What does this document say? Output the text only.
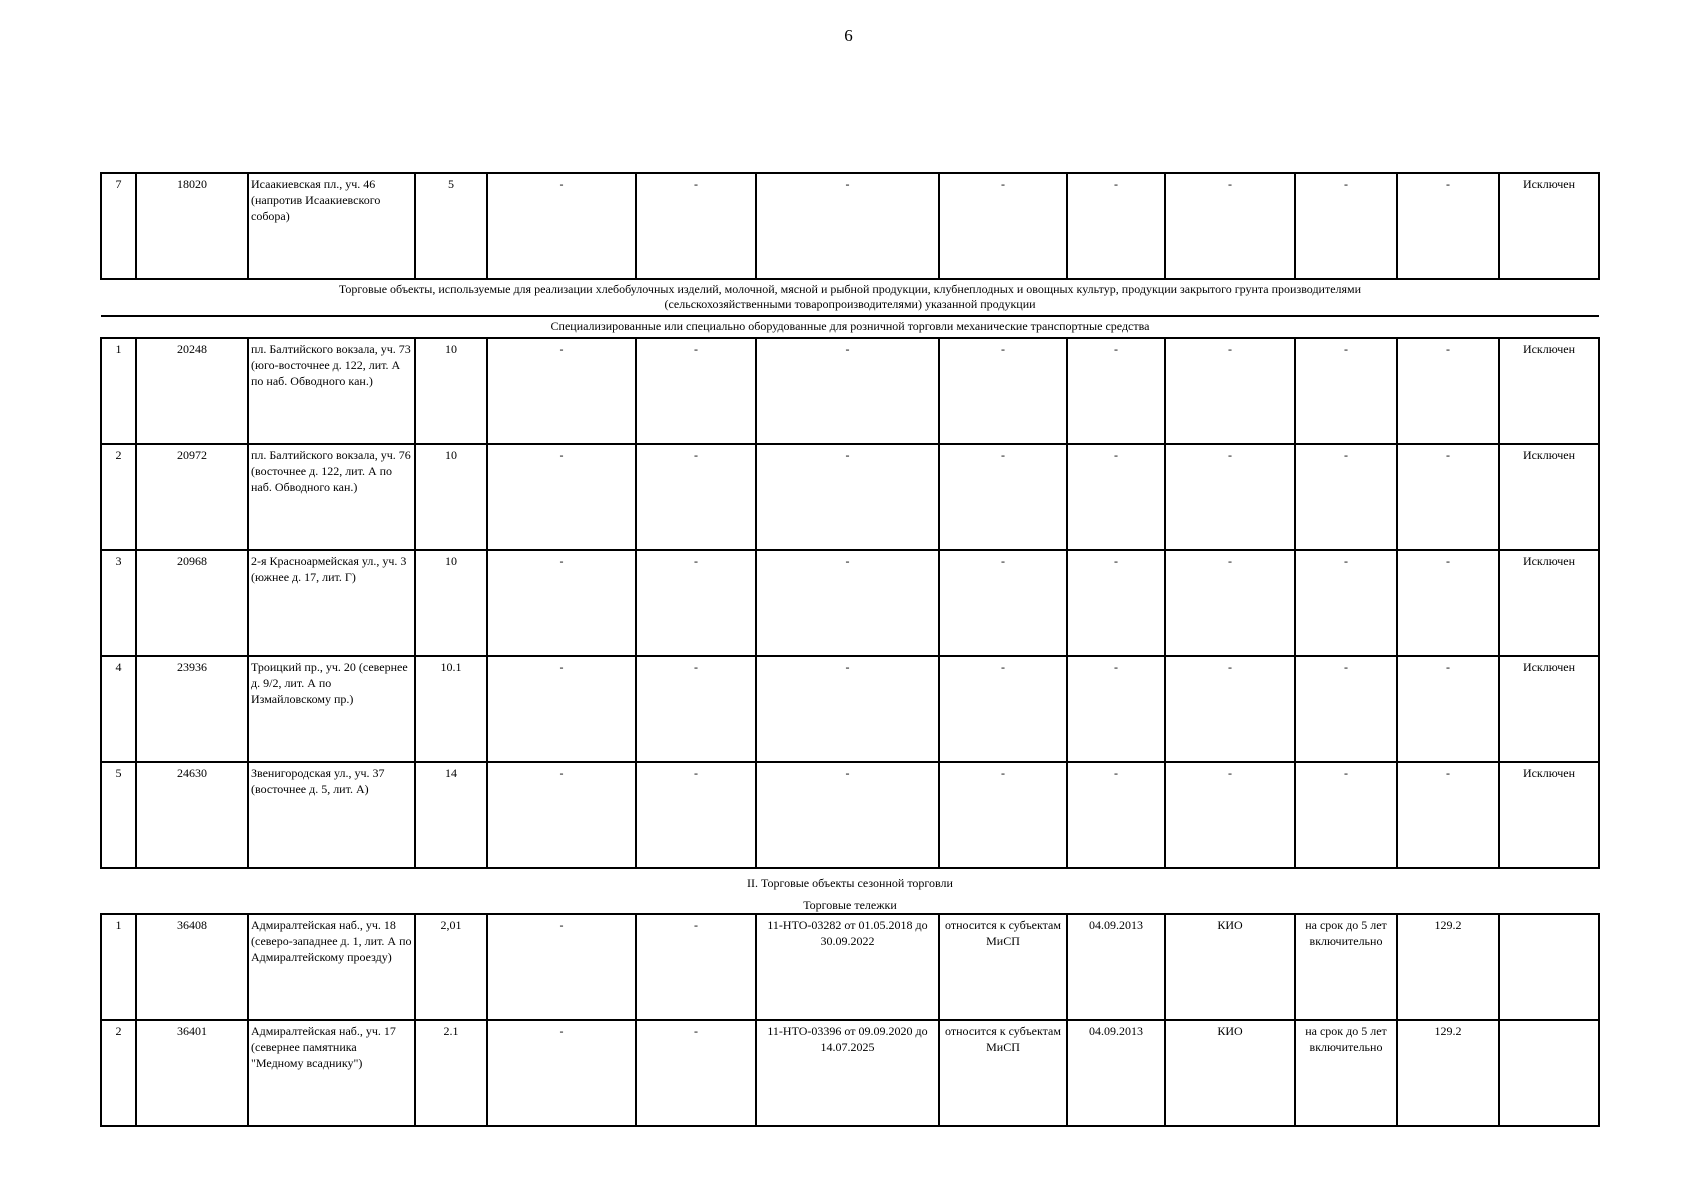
6
7	18020	Исаакиевская пл., уч. 46 (напротив Исаакиевского собора)	5	-	-	-	-	-	-	-	-	Исключен

Торговые объекты, используемые для реализации хлебобулочных изделий, молочной, мясной и рыбной продукции, клубнеплодных и овощных культур, продукции закрытого грунта производителями (сельскохозяйственными товаропроизводителями) указанной продукции												

Специализированные или специально оборудованные для розничной торговли механические транспортные средства												

1	20248	пл. Балтийского вокзала, уч. 73 (юго-восточнее д. 122, лит. А по наб. Обводного кан.)	10	-	-	-	-	-	-	-	-	Исключен
2	20972	пл. Балтийского вокзала, уч. 76 (восточнее д. 122, лит. А по наб. Обводного кан.)	10	-	-	-	-	-	-	-	-	Исключен
3	20968	2-я Красноармейская ул., уч. 3 (южнее д. 17, лит. Г)	10	-	-	-	-	-	-	-	-	Исключен
4	23936	Троицкий пр., уч. 20 (севернее д. 9/2, лит. А по Измайловскому пр.)	10.1	-	-	-	-	-	-	-	-	Исключен
5	24630	Звенигородская ул., уч. 37 (восточнее д. 5, лит. А)	14	-	-	-	-	-	-	-	-	Исключен

II. Торговые объекты сезонной торговли
Торговые тележки												

1	36408	Адмиралтейская наб., уч. 18 (северо-западнее д. 1, лит. А по Адмиралтейскому проезду)	2,01	-	-	11-НТО-03282 от 01.05.2018 до 30.09.2022	относится к субъектам МиСП	04.09.2013	КИО	на срок до 5 лет включительно	129.2	
2	36401	Адмиралтейская наб., уч. 17 (севернее памятника "Медному всаднику")	2.1	-	-	11-НТО-03396 от 09.09.2020 до 14.07.2025	относится к субъектам МиСП	04.09.2013	КИО	на срок до 5 лет включительно	129.2	
